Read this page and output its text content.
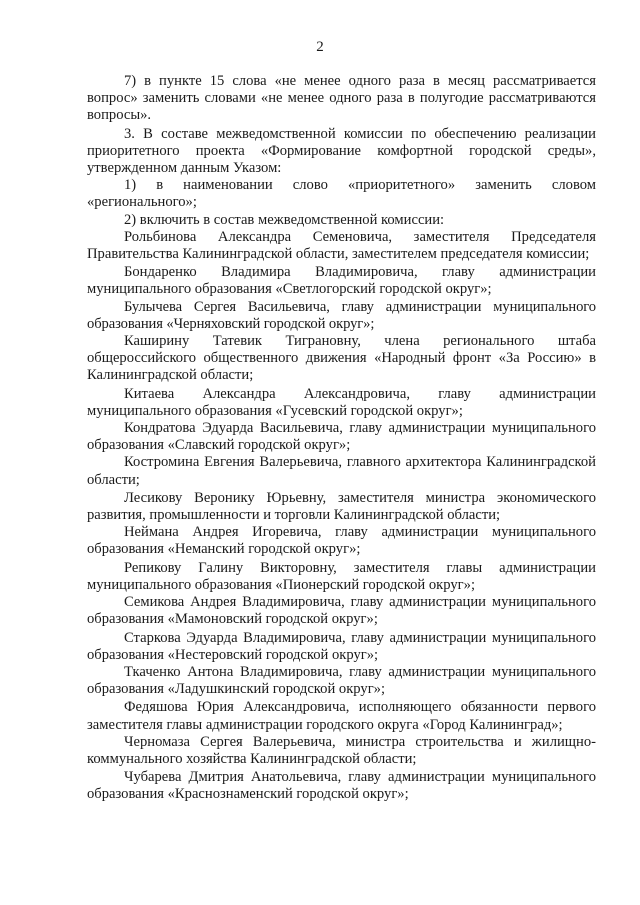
2

7) в пункте 15 слова «не менее одного раза в месяц рассматривается вопрос» заменить словами «не менее одного раза в полугодие рассматриваются вопросы».

3. В составе межведомственной комиссии по обеспечению реализации приоритетного проекта «Формирование комфортной городской среды», утвержденном данным Указом:

1) в наименовании слово «приоритетного» заменить словом «регионального»;

2) включить в состав межведомственной комиссии:

Рольбинова Александра Семеновича, заместителя Председателя Правительства Калининградской области, заместителем председателя комиссии;

Бондаренко Владимира Владимировича, главу администрации муниципального образования «Светлогорский городской округ»;

Булычева Сергея Васильевича, главу администрации муниципального образования «Черняховский городской округ»;

Каширину Татевик Тиграновну, члена регионального штаба общероссийского общественного движения «Народный фронт «За Россию» в Калининградской области;

Китаева Александра Александровича, главу администрации муниципального образования «Гусевский городской округ»;

Кондратова Эдуарда Васильевича, главу администрации муниципального образования «Славский городской округ»;

Костромина Евгения Валерьевича, главного архитектора Калининградской области;

Лесикову Веронику Юрьевну, заместителя министра экономического развития, промышленности и торговли Калининградской области;

Неймана Андрея Игоревича, главу администрации муниципального образования «Неманский городской округ»;

Репикову Галину Викторовну, заместителя главы администрации муниципального образования «Пионерский городской округ»;

Семикова Андрея Владимировича, главу администрации муниципального образования «Мамоновский городской округ»;

Старкова Эдуарда Владимировича, главу администрации муниципального образования «Нестеровский городской округ»;

Ткаченко Антона Владимировича, главу администрации муниципального образования «Ладушкинский городской округ»;

Федяшова Юрия Александровича, исполняющего обязанности первого заместителя главы администрации городского округа «Город Калининград»;

Черномаза Сергея Валерьевича, министра строительства и жилищно-коммунального хозяйства Калининградской области;

Чубарева Дмитрия Анатольевича, главу администрации муниципального образования «Краснознаменский городской округ»;
